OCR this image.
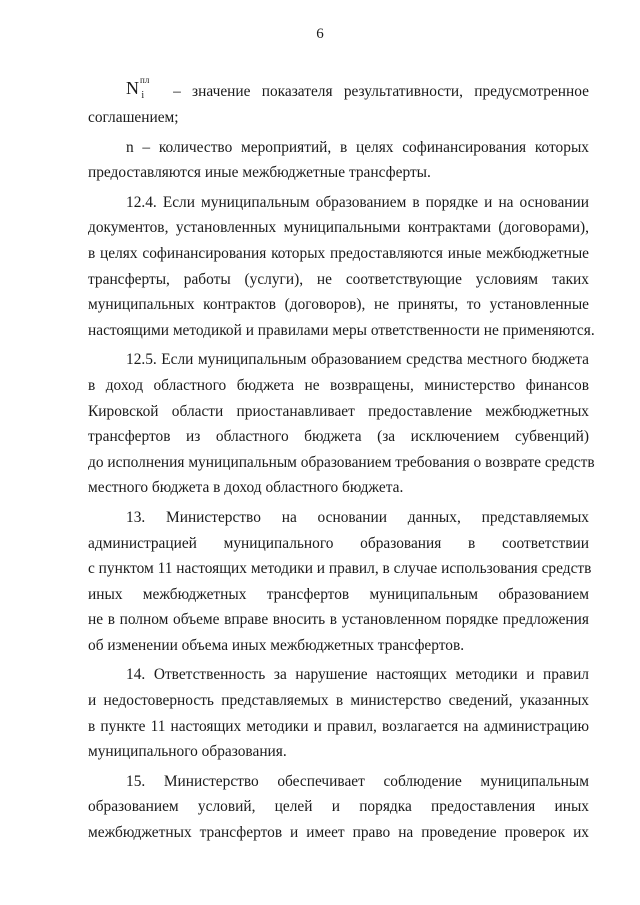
6
$N^{пл}_i$	– значение показателя результативности, предусмотренное
соглашением;
n – количество мероприятий, в целях софинансирования которых
предоставляются иные межбюджетные трансферты.
12.4. Если муниципальным образованием в порядке и на основании
документов, установленных муниципальными контрактами (договорами),
в целях софинансирования которых предоставляются иные межбюджетные
трансферты, работы (услуги), не соответствующие условиям таких
муниципальных контрактов (договоров), не приняты, то установленные
настоящими методикой и правилами меры ответственности не применяются.
12.5. Если муниципальным образованием средства местного бюджета
в доход областного бюджета не возвращены, министерство финансов
Кировской области приостанавливает предоставление межбюджетных
трансфертов из областного бюджета (за исключением субвенций)
до исполнения муниципальным образованием требования о возврате средств
местного бюджета в доход областного бюджета.
13. Министерство на основании данных, представляемых
администрацией муниципального образования в соответствии
с пунктом 11 настоящих методики и правил, в случае использования средств
иных межбюджетных трансфертов муниципальным образованием
не в полном объеме вправе вносить в установленном порядке предложения
об изменении объема иных межбюджетных трансфертов.
14. Ответственность за нарушение настоящих методики и правил
и недостоверность представляемых в министерство сведений, указанных
в пункте 11 настоящих методики и правил, возлагается на администрацию
муниципального образования.
15. Министерство обеспечивает соблюдение муниципальным
образованием условий, целей и порядка предоставления иных
межбюджетных трансфертов и имеет право на проведение проверок их
